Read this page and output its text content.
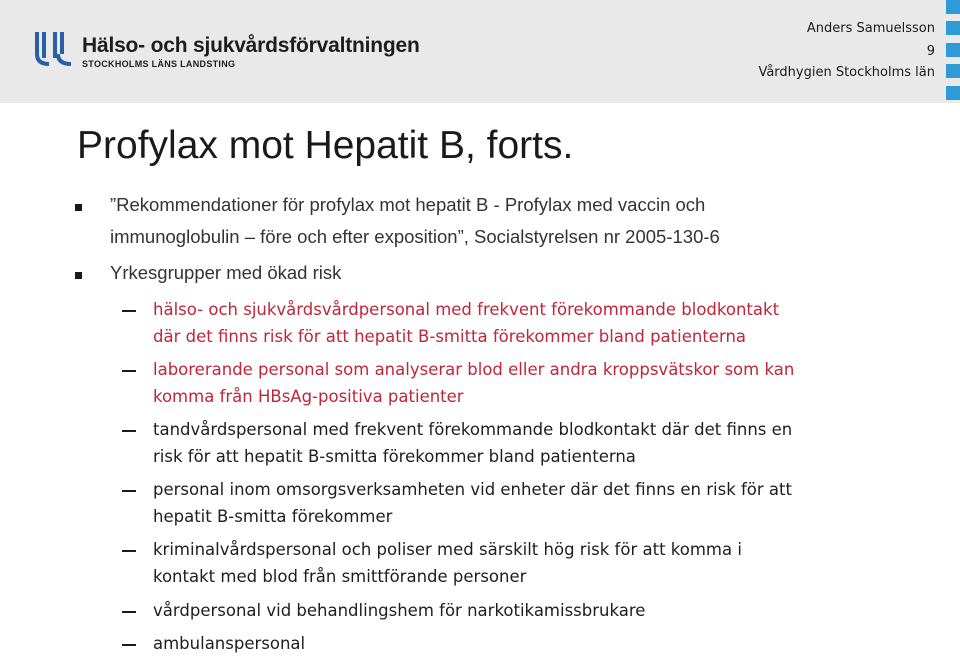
Hälso- och sjukvårdsförvaltningen
STOCKHOLMS LÄNS LANDSTING
Anders Samuelsson
9
Vårdhygien Stockholms län
Profylax mot Hepatit B, forts.
”Rekommendationer för profylax mot hepatit B - Profylax med vaccin och
immunoglobulin – före och efter exposition”, Socialstyrelsen nr 2005-130-6
Yrkesgrupper med ökad risk
hälso- och sjukvårdsvårdpersonal med frekvent förekommande blodkontakt
där det finns risk för att hepatit B-smitta förekommer bland patienterna
laborerande personal som analyserar blod eller andra kroppsvätskor som kan
komma från HBsAg-positiva patienter
tandvårdspersonal med frekvent förekommande blodkontakt där det finns en
risk för att hepatit B-smitta förekommer bland patienterna
personal inom omsorgsverksamheten vid enheter där det finns en risk för att
hepatit B-smitta förekommer
kriminalvårdspersonal och poliser med särskilt hög risk för att komma i
kontakt med blod från smittförande personer
vårdpersonal vid behandlingshem för narkotikamissbrukare
ambulanspersonal
